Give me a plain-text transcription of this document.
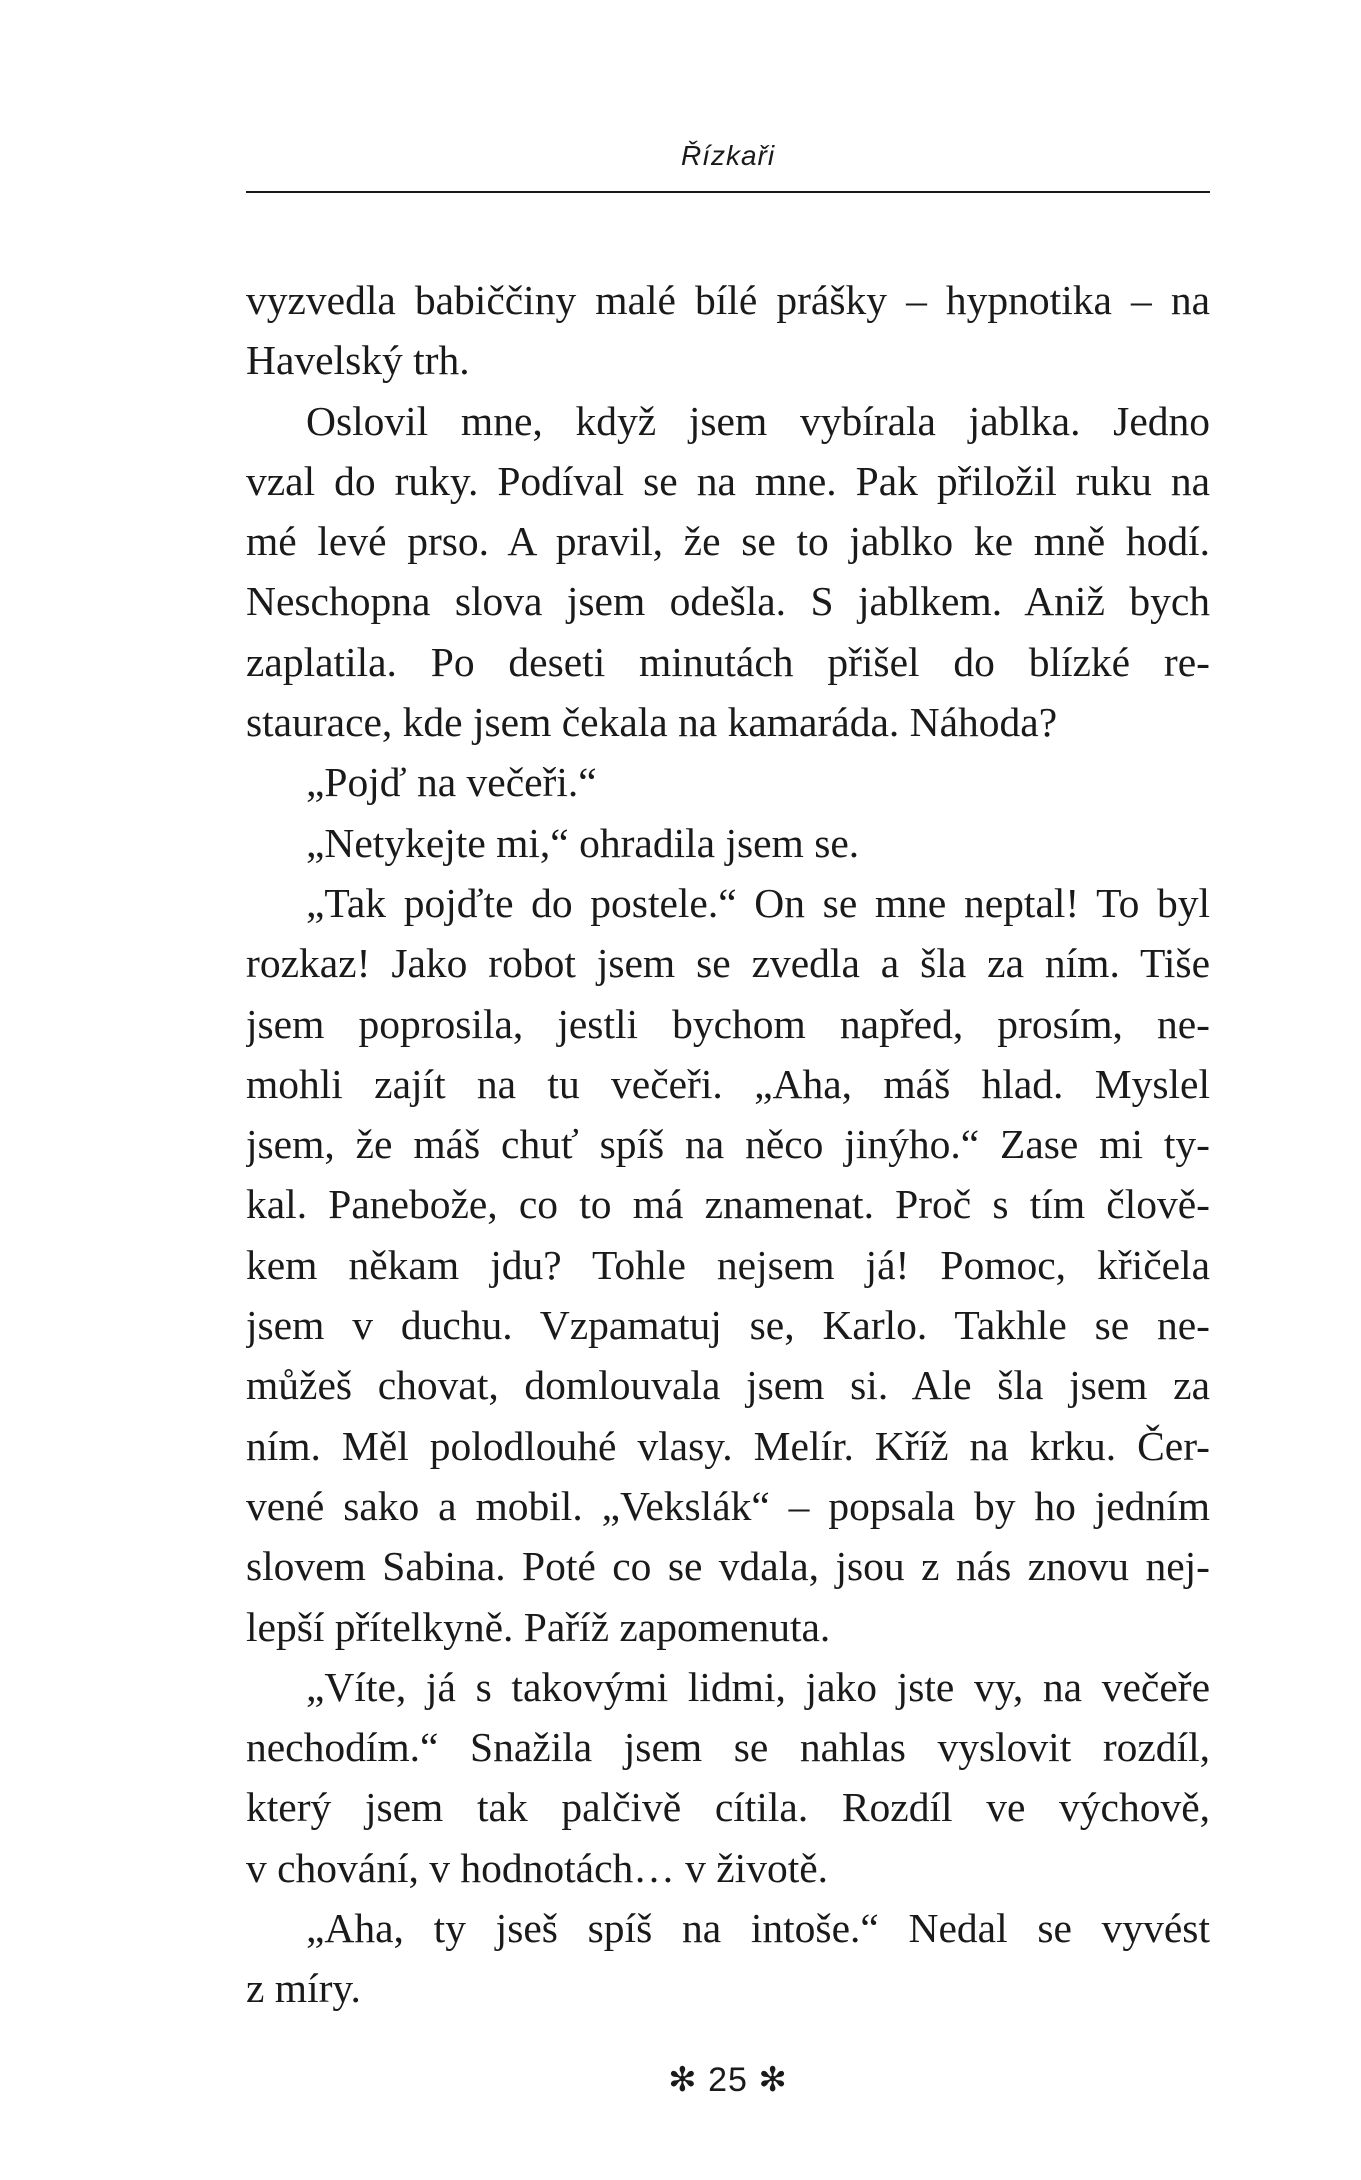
Řízkaři
vyzvedla babiččiny malé bílé prášky – hypnotika – na
Havelský trh.
Oslovil mne, když jsem vybírala jablka. Jedno
vzal do ruky. Podíval se na mne. Pak přiložil ruku na
mé levé prso. A pravil, že se to jablko ke mně hodí.
Neschopna slova jsem odešla. S jablkem. Aniž bych
zaplatila. Po deseti minutách přišel do blízké re-
staurace, kde jsem čekala na kamaráda. Náhoda?
„Pojď na večeři.“
„Netykejte mi,“ ohradila jsem se.
„Tak pojďte do postele.“ On se mne neptal! To byl
rozkaz! Jako robot jsem se zvedla a šla za ním. Tiše
jsem poprosila, jestli bychom napřed, prosím, ne-
mohli zajít na tu večeři. „Aha, máš hlad. Myslel
jsem, že máš chuť spíš na něco jinýho.“ Zase mi ty-
kal. Panebože, co to má znamenat. Proč s tím člově-
kem někam jdu? Tohle nejsem já! Pomoc, křičela
jsem v duchu. Vzpamatuj se, Karlo. Takhle se ne-
můžeš chovat, domlouvala jsem si. Ale šla jsem za
ním. Měl polodlouhé vlasy. Melír. Kříž na krku. Čer-
vené sako a mobil. „Vekslák“ – popsala by ho jedním
slovem Sabina. Poté co se vdala, jsou z nás znovu nej-
lepší přítelkyně. Paříž zapomenuta.
„Víte, já s takovými lidmi, jako jste vy, na večeře
nechodím.“ Snažila jsem se nahlas vyslovit rozdíl,
který jsem tak palčivě cítila. Rozdíl ve výchově,
v chování, v hodnotách… v životě.
„Aha, ty jseš spíš na intoše.“ Nedal se vyvést
z míry.
✻ 25 ✻
